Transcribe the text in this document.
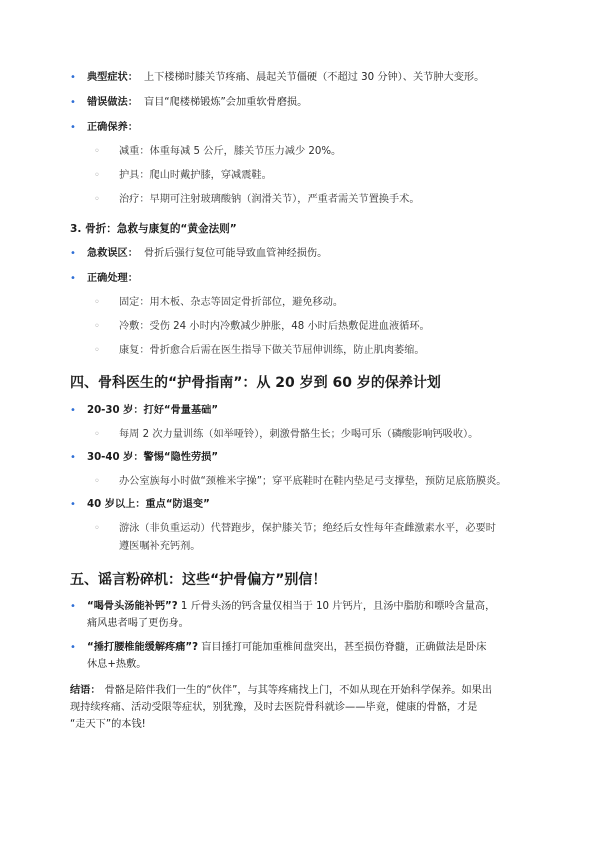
• 典型症状： 上下楼梯时膝关节疼痛、晨起关节僵硬（不超过 30 分钟）、关节肿大变形。
• 错误做法： 盲目“爬楼梯锻炼”会加重软骨磨损。
• 正确保养：
◦ 减重：体重每减 5 公斤，膝关节压力减少 20%。
◦ 护具：爬山时戴护膝，穿减震鞋。
◦ 治疗：早期可注射玻璃酸钠（润滑关节），严重者需关节置换手术。
3. 骨折：急救与康复的“黄金法则”
• 急救误区： 骨折后强行复位可能导致血管神经损伤。
• 正确处理：
◦ 固定：用木板、杂志等固定骨折部位，避免移动。
◦ 冷敷：受伤 24 小时内冷敷减少肿胀，48 小时后热敷促进血液循环。
◦ 康复：骨折愈合后需在医生指导下做关节屈伸训练，防止肌肉萎缩。
四、骨科医生的“护骨指南”：从 20 岁到 60 岁的保养计划
• 20-30 岁：打好“骨量基础”
◦ 每周 2 次力量训练（如举哑铃），刺激骨骼生长；少喝可乐（磷酸影响钙吸收）。
• 30-40 岁：警惕“隐性劳损”
◦ 办公室族每小时做“颈椎米字操”；穿平底鞋时在鞋内垫足弓支撑垫，预防足底筋膜炎。
• 40 岁以上：重点“防退变”
◦ 游泳（非负重运动）代替跑步，保护膝关节；绝经后女性每年查雌激素水平，必要时
遵医嘱补充钙剂。
五、谣言粉碎机：这些“护骨偏方”别信！
• “喝骨头汤能补钙”? 1 斤骨头汤的钙含量仅相当于 10 片钙片，且汤中脂肪和嘌呤含量高，
痛风患者喝了更伤身。
• “捶打腰椎能缓解疼痛”? 盲目捶打可能加重椎间盘突出，甚至损伤脊髓，正确做法是卧床
休息+热敷。
结语： 骨骼是陪伴我们一生的“伙伴”，与其等疼痛找上门，不如从现在开始科学保养。如果出
现持续疼痛、活动受限等症状，别犹豫，及时去医院骨科就诊——毕竟，健康的骨骼，才是
“走天下”的本钱!
